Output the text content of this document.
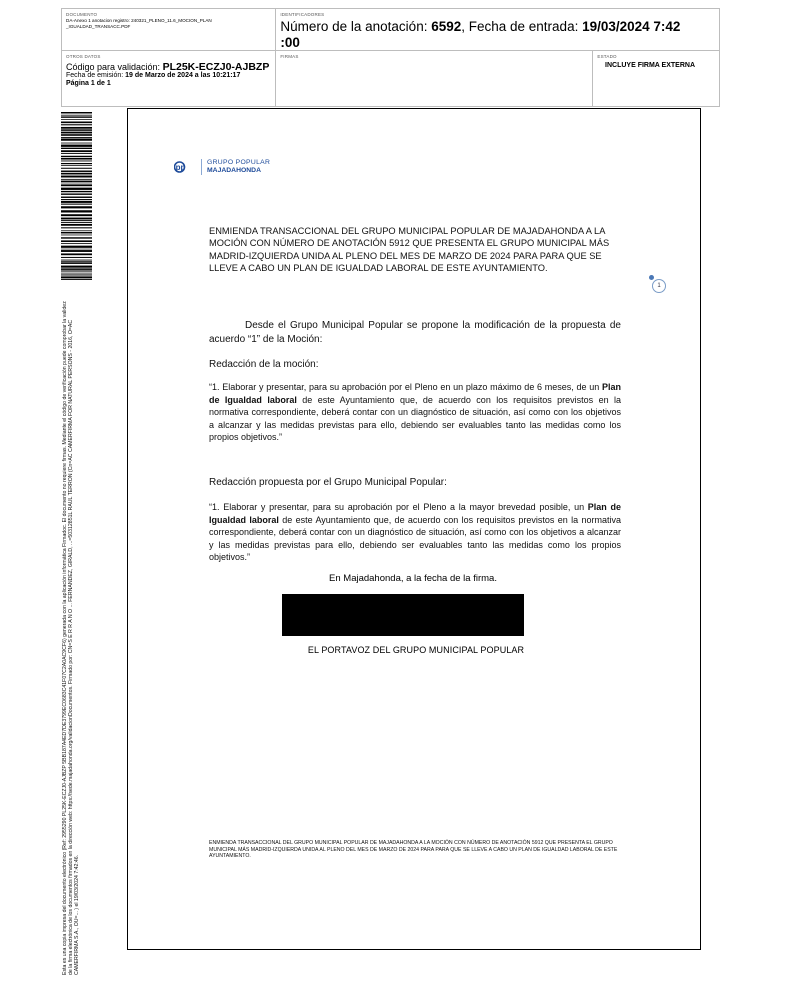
DOCUMENTO
DA-Anexo 1 anotacion registro: 240321_PLENO_11.6_MOCION_PLAN _IGUALDAD_TRANSACC.PDF
IDENTIFICADORES
Número de la anotación: 6592, Fecha de entrada: 19/03/2024 7:42
:00
OTROS DATOS
Código para validación: PL25K-ECZJ0-AJBZP
Fecha de emisión: 19 de Marzo de 2024 a las 10:21:17
Página 1 de 1
FIRMAS	ESTADO
INCLUYE FIRMA EXTERNA
Esta es una copia impresa del documento electrónico (Ref: 2955290 PL25K-ECZJ0-AJBZP 5BB187A4ED7DE3799EC0683C41F07C2A0AC9CF6) generada con la aplicación informática Firmadoc. El documento no requiere firmas. Mediante el código de verificación puede comprobar la validez de la firma electrónica de los documentos firmados en la dirección web: https://sede.majadahonda.org/validacionDocumentos. Firmado por: CN=S E R R A N O ... FERNANDEZ, GIRALD, ...=50312851L RAUL TERRON (Cn=AC CAMERFIRMA FOR NATURAL PERSONS - 2016, O=AC CAMERFIRMA S.A., OU=... ) el 19/03/2024 7:42:46.
pp
GRUPO POPULAR
MAJADAHONDA
ENMIENDA TRANSACCIONAL DEL GRUPO MUNICIPAL POPULAR DE MAJADAHONDA A LA MOCIÓN CON NÚMERO DE ANOTACIÓN 5912 QUE PRESENTA EL GRUPO MUNICIPAL MÁS MADRID-IZQUIERDA UNIDA AL PLENO DEL MES DE MARZO DE 2024 PARA PARA QUE SE LLEVE A CABO UN PLAN DE IGUALDAD LABORAL DE ESTE AYUNTAMIENTO.
1
Desde el Grupo Municipal Popular se propone la modificación de la propuesta de acuerdo “1” de la Moción:
Redacción de la moción:
“1. Elaborar y presentar, para su aprobación por el Pleno en un plazo máximo de 6 meses, de un Plan de Igualdad laboral de este Ayuntamiento que, de acuerdo con los requisitos previstos en la normativa correspondiente, deberá contar con un diagnóstico de situación, así como con los objetivos a alcanzar y las medidas previstas para ello, debiendo ser evaluables tanto las medidas como los propios objetivos.”
Redacción propuesta por el Grupo Municipal Popular:
“1. Elaborar y presentar, para su aprobación por el Pleno a la mayor brevedad posible, un Plan de Igualdad laboral de este Ayuntamiento que, de acuerdo con los requisitos previstos en la normativa correspondiente, deberá contar con un diagnóstico de situación, así como con los objetivos a alcanzar y las medidas previstas para ello, debiendo ser evaluables tanto las medidas como los propios objetivos.”
En Majadahonda, a la fecha de la firma.
EL PORTAVOZ DEL GRUPO MUNICIPAL POPULAR
ENMIENDA TRANSACCIONAL DEL GRUPO MUNICIPAL POPULAR DE MAJADAHONDA A LA MOCIÓN CON NÚMERO DE ANOTACIÓN 5912 QUE PRESENTA EL GRUPO MUNICIPAL MÁS MADRID-IZQUIERDA UNIDA AL PLENO DEL MES DE MARZO DE 2024 PARA PARA QUE SE LLEVE A CABO UN PLAN DE IGUALDAD LABORAL DE ESTE AYUNTAMIENTO.
